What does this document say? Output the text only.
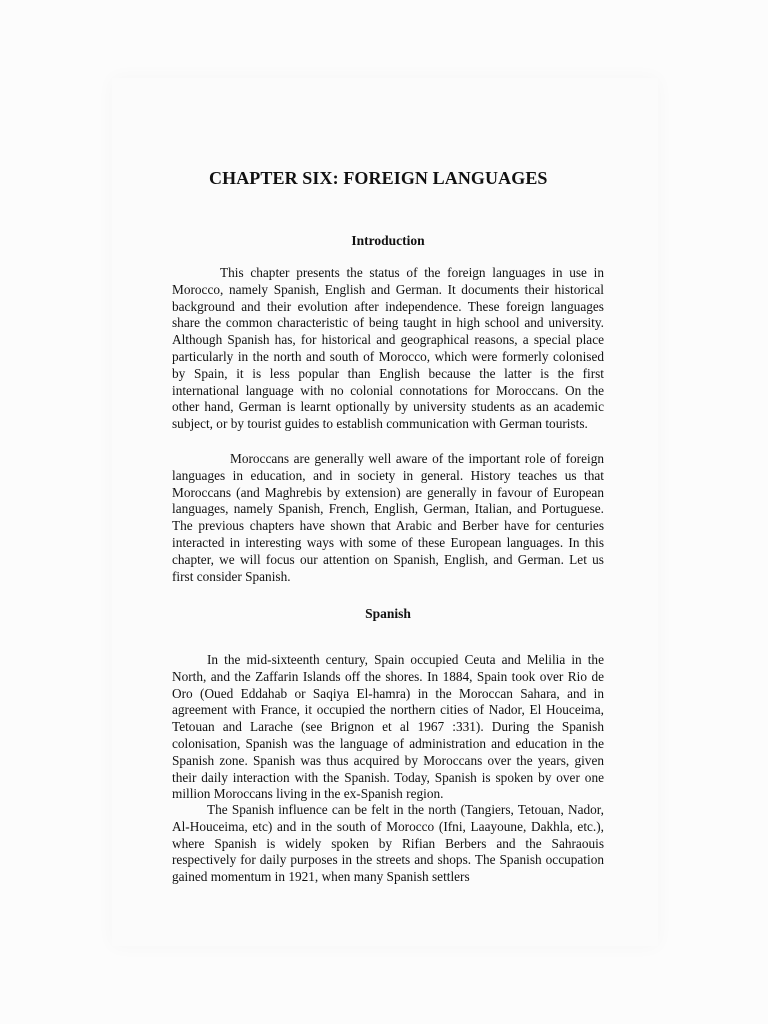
CHAPTER SIX: FOREIGN LANGUAGES
Introduction

This chapter presents the status of the foreign languages in use in Morocco, namely Spanish, English and German. It documents their historical background and their evolution after independence. These foreign languages share the common characteristic of being taught in high school and university. Although Spanish has, for historical and geographical reasons, a special place particularly in the north and south of Morocco, which were formerly colonised by Spain, it is less popular than English because the latter is the first international language with no colonial connotations for Moroccans. On the other hand, German is learnt optionally by university students as an academic subject, or by tourist guides to establish communication with German tourists.

Moroccans are generally well aware of the important role of foreign languages in education, and in society in general. History teaches us that Moroccans (and Maghrebis by extension) are generally in favour of European languages, namely Spanish, French, English, German, Italian, and Portuguese. The previous chapters have shown that Arabic and Berber have for centuries interacted in interesting ways with some of these European languages. In this chapter, we will focus our attention on Spanish, English, and German. Let us first consider Spanish.

Spanish

In the mid-sixteenth century, Spain occupied Ceuta and Melilia in the North, and the Zaffarin Islands off the shores. In 1884, Spain took over Rio de Oro (Oued Eddahab or Saqiya El-hamra) in the Moroccan Sahara, and in agreement with France, it occupied the northern cities of Nador, El Houceima, Tetouan and Larache (see Brignon et al 1967 :331). During the Spanish colonisation, Spanish was the language of administration and education in the Spanish zone. Spanish was thus acquired by Moroccans over the years, given their daily interaction with the Spanish. Today, Spanish is spoken by over one million Moroccans living in the ex-Spanish region.

The Spanish influence can be felt in the north (Tangiers, Tetouan, Nador, Al-Houceima, etc) and in the south of Morocco (Ifni, Laayoune, Dakhla, etc.), where Spanish is widely spoken by Rifian Berbers and the Sahraouis respectively for daily purposes in the streets and shops. The Spanish occupation gained momentum in 1921, when many Spanish settlers
